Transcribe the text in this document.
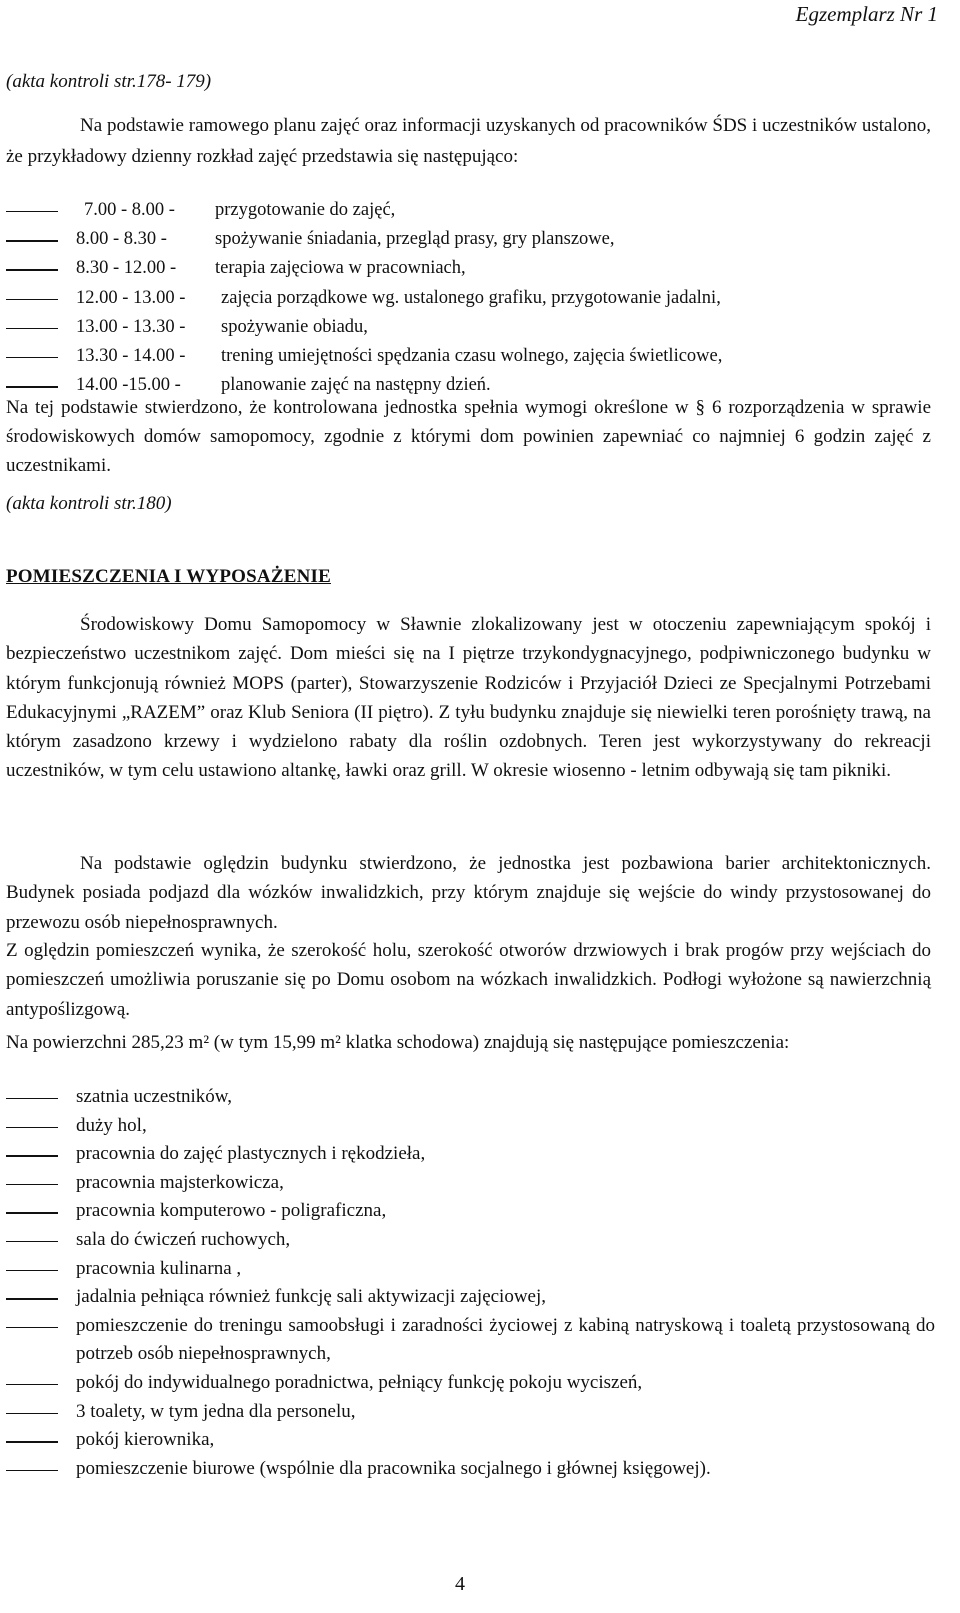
Egzemplarz Nr 1

(akta kontroli str.178- 179)

Na podstawie ramowego planu zajęć oraz informacji uzyskanych od pracowników ŚDS i uczestników ustalono, że przykładowy dzienny rozkład zajęć przedstawia się następująco:

7.00 - 8.00 - przygotowanie do zajęć,
8.00 - 8.30 -	spożywanie śniadania, przegląd prasy, gry planszowe,
8.30 - 12.00 - terapia zajęciowa w pracowniach,
12.00 - 13.00 - zajęcia porządkowe wg. ustalonego grafiku, przygotowanie jadalni,
13.00 - 13.30 - spożywanie obiadu,
13.30 - 14.00 - trening umiejętności spędzania czasu wolnego, zajęcia świetlicowe,
14.00 -15.00 - planowanie zajęć na następny dzień.

Na tej podstawie stwierdzono, że kontrolowana jednostka spełnia wymogi określone w § 6 rozporządzenia w sprawie środowiskowych domów samopomocy, zgodnie z którymi dom powinien zapewniać co najmniej 6 godzin zajęć z uczestnikami.

(akta kontroli str.180)

POMIESZCZENIA I WYPOSAŻENIE

Środowiskowy Domu Samopomocy w Sławnie zlokalizowany jest w otoczeniu zapewniającym spokój i bezpieczeństwo uczestnikom zajęć. Dom mieści się na I piętrze trzykondygnacyjnego, podpiwniczonego budynku w którym funkcjonują również MOPS (parter), Stowarzyszenie Rodziców i Przyjaciół Dzieci ze Specjalnymi Potrzebami Edukacyjnymi „RAZEM” oraz Klub Seniora (II piętro). Z tyłu budynku znajduje się niewielki teren porośnięty trawą, na którym zasadzono krzewy i wydzielono rabaty dla roślin ozdobnych. Teren jest wykorzystywany do rekreacji uczestników, w tym celu ustawiono altankę, ławki oraz grill. W okresie wiosenno - letnim odbywają się tam pikniki.

Na podstawie oględzin budynku stwierdzono, że jednostka jest pozbawiona barier architektonicznych. Budynek posiada podjazd dla wózków inwalidzkich, przy którym znajduje się wejście do windy przystosowanej do przewozu osób niepełnosprawnych.

Z oględzin pomieszczeń wynika, że szerokość holu, szerokość otworów drzwiowych i brak progów przy wejściach do pomieszczeń umożliwia poruszanie się po Domu osobom na wózkach inwalidzkich. Podłogi wyłożone są nawierzchnią antypoślizgową.

Na powierzchni 285,23 m² (w tym 15,99 m² klatka schodowa) znajdują się następujące pomieszczenia:

szatnia uczestników,
duży hol,
pracownia do zajęć plastycznych i rękodzieła,
pracownia majsterkowicza,
pracownia komputerowo - poligraficzna,
sala do ćwiczeń ruchowych,
pracownia kulinarna ,
jadalnia pełniąca również funkcję sali aktywizacji zajęciowej,
pomieszczenie do treningu samoobsługi i zaradności życiowej z kabiną natryskową i toaletą przystosowaną do potrzeb osób niepełnosprawnych,
pokój do indywidualnego poradnictwa, pełniący funkcję pokoju wyciszeń,
3 toalety, w tym jedna dla personelu,
pokój kierownika,
pomieszczenie biurowe (wspólnie dla pracownika socjalnego i głównej księgowej).
4
